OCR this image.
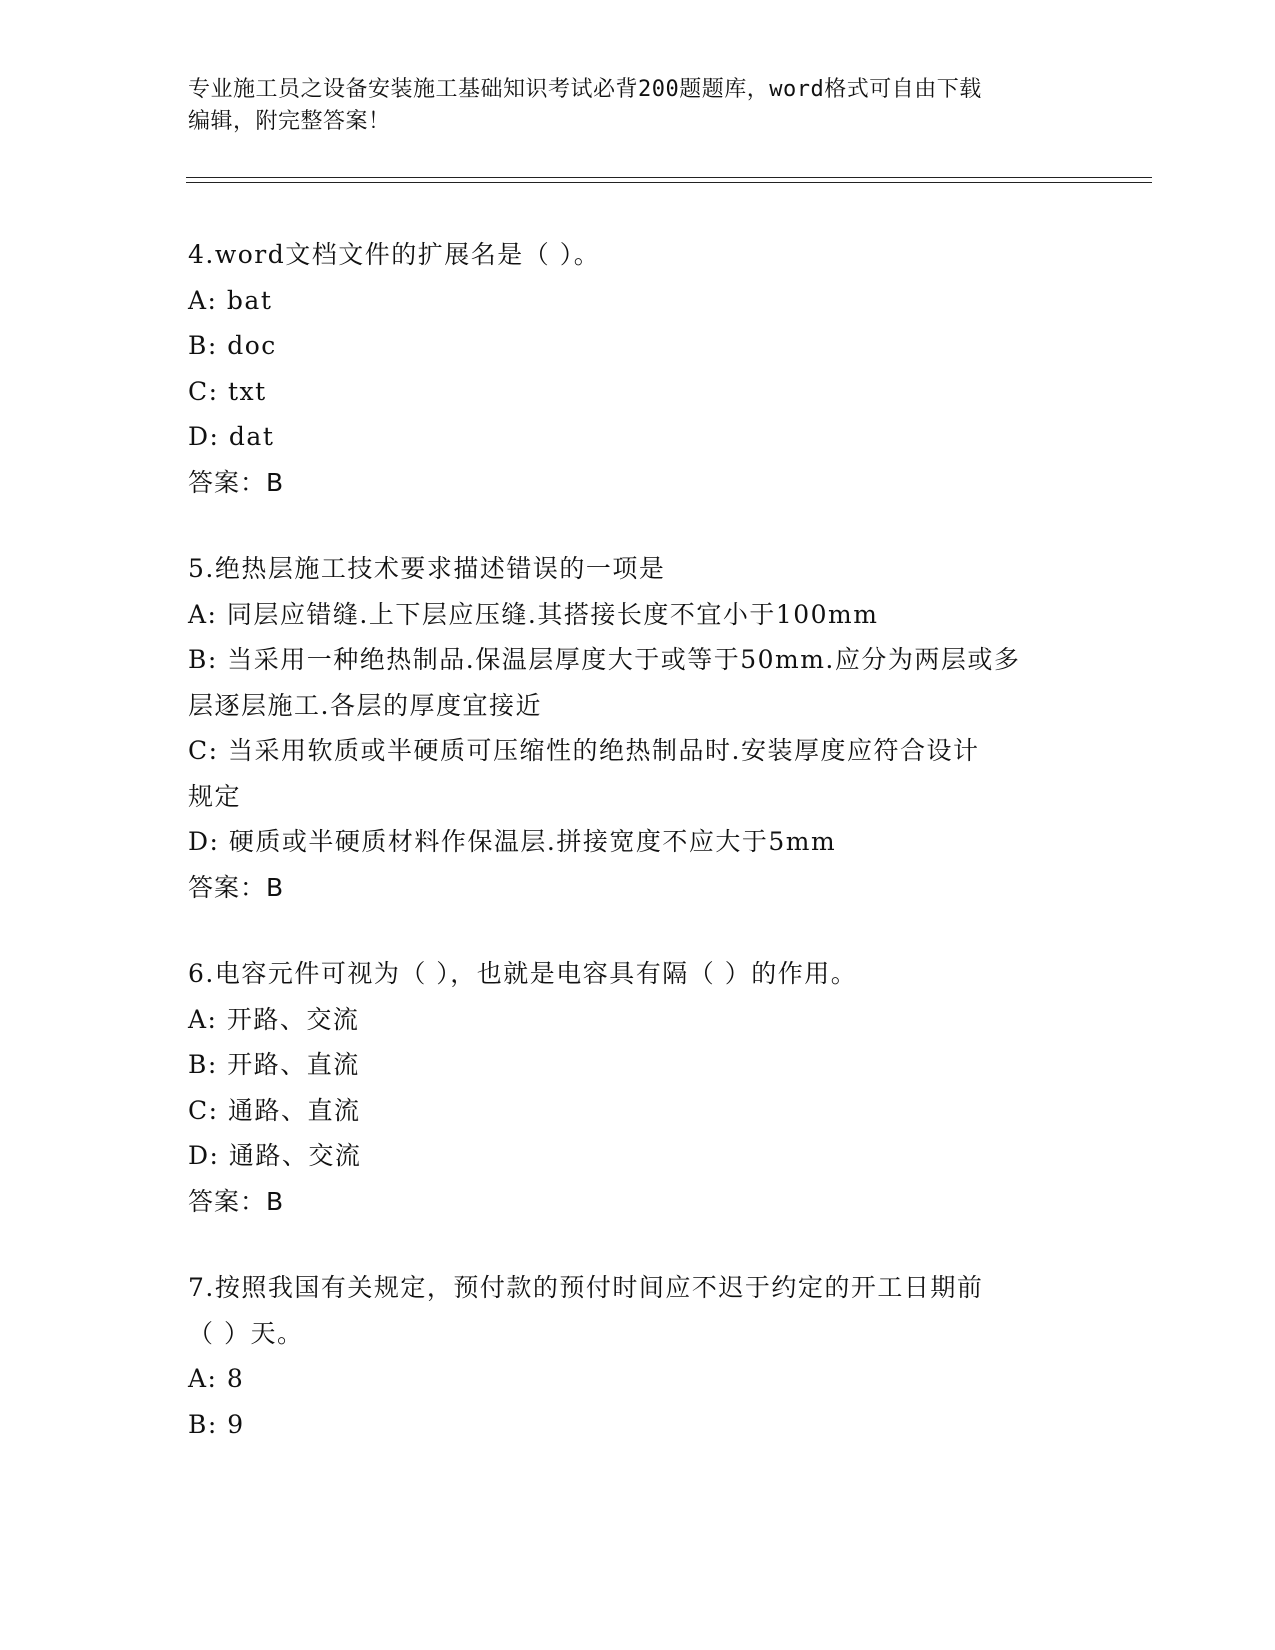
专业施工员之设备安装施工基础知识考试必背200题题库，word格式可自由下载
编辑，附完整答案！
4.word文档文件的扩展名是（ ）。
A: bat
B: doc
C: txt
D: dat
答案：B
5.绝热层施工技术要求描述错误的一项是
A: 同层应错缝.上下层应压缝.其搭接长度不宜小于100mm
B: 当采用一种绝热制品.保温层厚度大于或等于50mm.应分为两层或多
层逐层施工.各层的厚度宜接近
C: 当采用软质或半硬质可压缩性的绝热制品时.安装厚度应符合设计
规定
D: 硬质或半硬质材料作保温层.拼接宽度不应大于5mm
答案：B
6.电容元件可视为（ ），也就是电容具有隔（ ）的作用。
A: 开路、交流
B: 开路、直流
C: 通路、直流
D: 通路、交流
答案：B
7.按照我国有关规定，预付款的预付时间应不迟于约定的开工日期前
（ ）天。
A: 8
B: 9
